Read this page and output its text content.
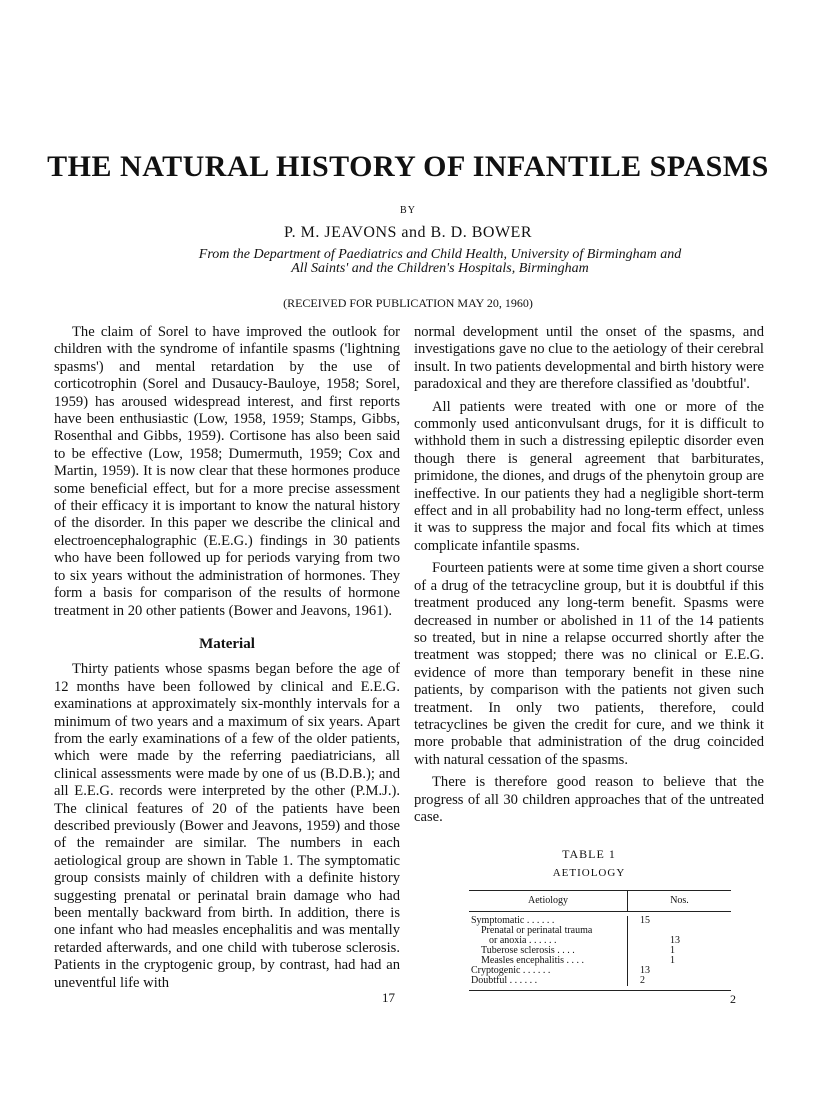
THE NATURAL HISTORY OF INFANTILE SPASMS
BY
P. M. JEAVONS and B. D. BOWER
From the Department of Paediatrics and Child Health, University of Birmingham and
All Saints' and the Children's Hospitals, Birmingham
(RECEIVED FOR PUBLICATION MAY 20, 1960)

The claim of Sorel to have improved the outlook for children with the syndrome of infantile spasms ('lightning spasms') and mental retardation by the use of corticotrophin (Sorel and Dusaucy-Bauloye, 1958; Sorel, 1959) has aroused widespread interest, and first reports have been enthusiastic (Low, 1958, 1959; Stamps, Gibbs, Rosenthal and Gibbs, 1959). Cortisone has also been said to be effective (Low, 1958; Dumermuth, 1959; Cox and Martin, 1959). It is now clear that these hormones produce some beneficial effect, but for a more precise assessment of their efficacy it is important to know the natural history of the disorder. In this paper we describe the clinical and electroencephalographic (E.E.G.) findings in 30 patients who have been followed up for periods varying from two to six years without the administration of hormones. They form a basis for comparison of the results of hormone treatment in 20 other patients (Bower and Jeavons, 1961).

Material

Thirty patients whose spasms began before the age of 12 months have been followed by clinical and E.E.G. examinations at approximately six-monthly intervals for a minimum of two years and a maximum of six years. Apart from the early examinations of a few of the older patients, which were made by the referring paediatricians, all clinical assessments were made by one of us (B.D.B.); and all E.E.G. records were interpreted by the other (P.M.J.). The clinical features of 20 of the patients have been described previously (Bower and Jeavons, 1959) and those of the remainder are similar. The numbers in each aetiological group are shown in Table 1. The symptomatic group consists mainly of children with a definite history suggesting prenatal or perinatal brain damage who had been mentally backward from birth. In addition, there is one infant who had measles encephalitis and was mentally retarded afterwards, and one child with tuberose sclerosis. Patients in the cryptogenic group, by contrast, had had an uneventful life with

normal development until the onset of the spasms, and investigations gave no clue to the aetiology of their cerebral insult. In two patients developmental and birth history were paradoxical and they are therefore classified as 'doubtful'.

All patients were treated with one or more of the commonly used anticonvulsant drugs, for it is difficult to withhold them in such a distressing epileptic disorder even though there is general agreement that barbiturates, primidone, the diones, and drugs of the phenytoin group are ineffective. In our patients they had a negligible short-term effect and in all probability had no long-term effect, unless it was to suppress the major and focal fits which at times complicate infantile spasms.

Fourteen patients were at some time given a short course of a drug of the tetracycline group, but it is doubtful if this treatment produced any long-term benefit. Spasms were decreased in number or abolished in 11 of the 14 patients so treated, but in nine a relapse occurred shortly after the treatment was stopped; there was no clinical or E.E.G. evidence of more than temporary benefit in these nine patients, by comparison with the patients not given such treatment. In only two patients, therefore, could tetracyclines be given the credit for cure, and we think it more probable that administration of the drug coincided with natural cessation of the spasms.

There is therefore good reason to believe that the progress of all 30 children approaches that of the untreated case.

TABLE 1
AETIOLOGY
Aetiology	Nos.
Symptomatic . . . . . .	15
Prenatal or perinatal trauma
or anoxia . . . . . .	13
Tuberose sclerosis . . . .	1
Measles encephalitis . . . .	1
Cryptogenic . . . . . .	13
Doubtful . . . . . .	2
17	2
